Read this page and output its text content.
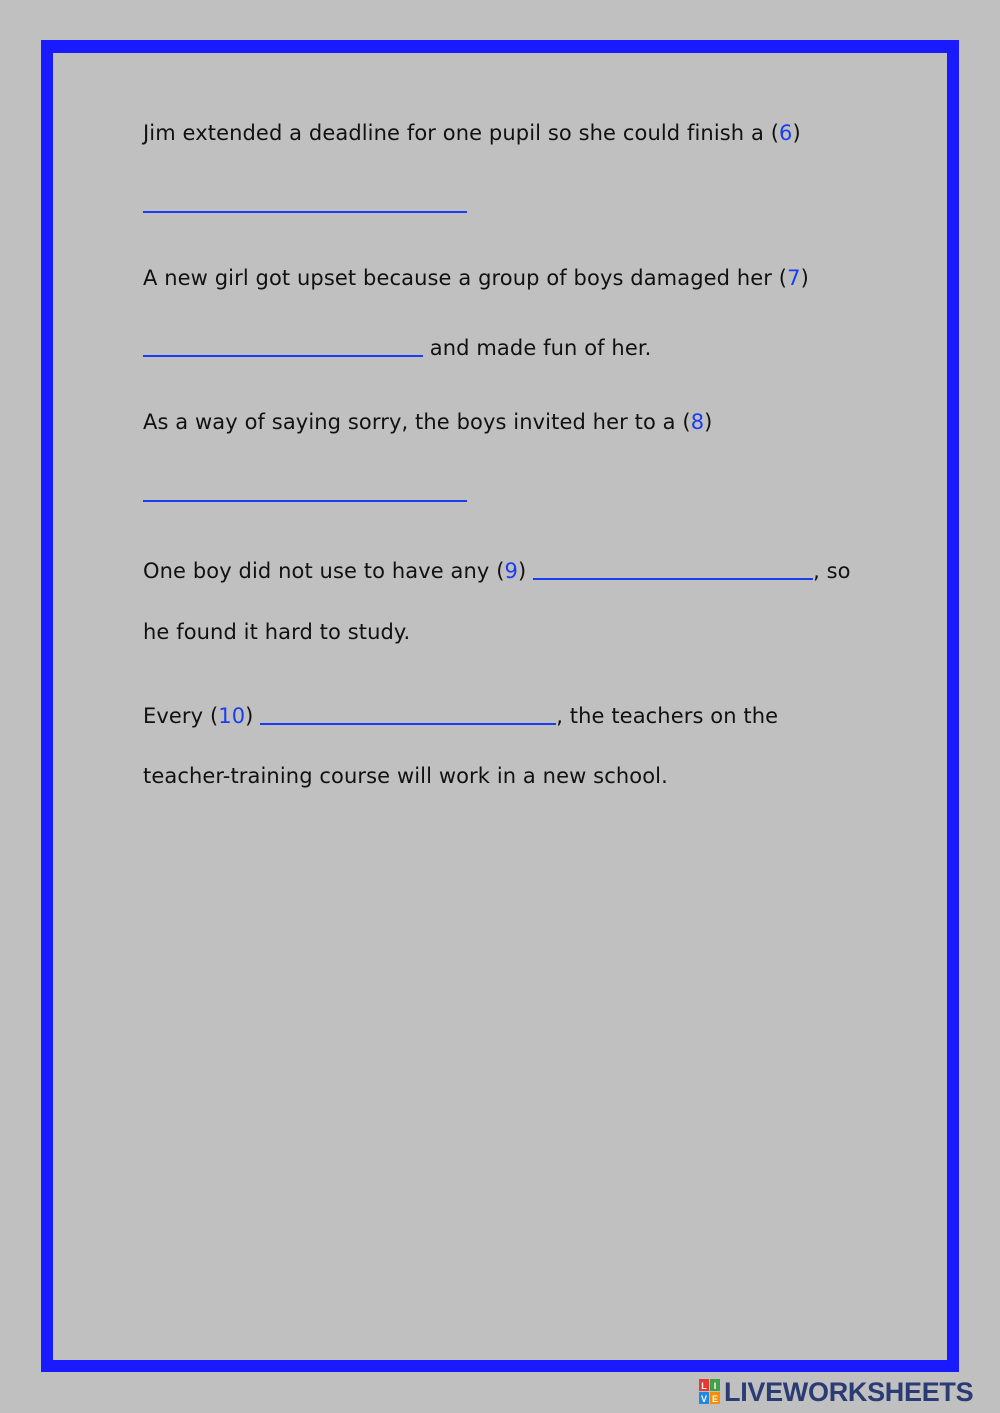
Jim extended a deadline for one pupil so she could finish a (6)
A new girl got upset because a group of boys damaged her (7)
and made fun of her.
As a way of saying sorry, the boys invited her to a (8)
One boy did not use to have any (9)	, so
he found it hard to study.
Every (10)	, the teachers on the
teacher-training course will work in a new school.
L I
V E LIVEWORKSHEETS
